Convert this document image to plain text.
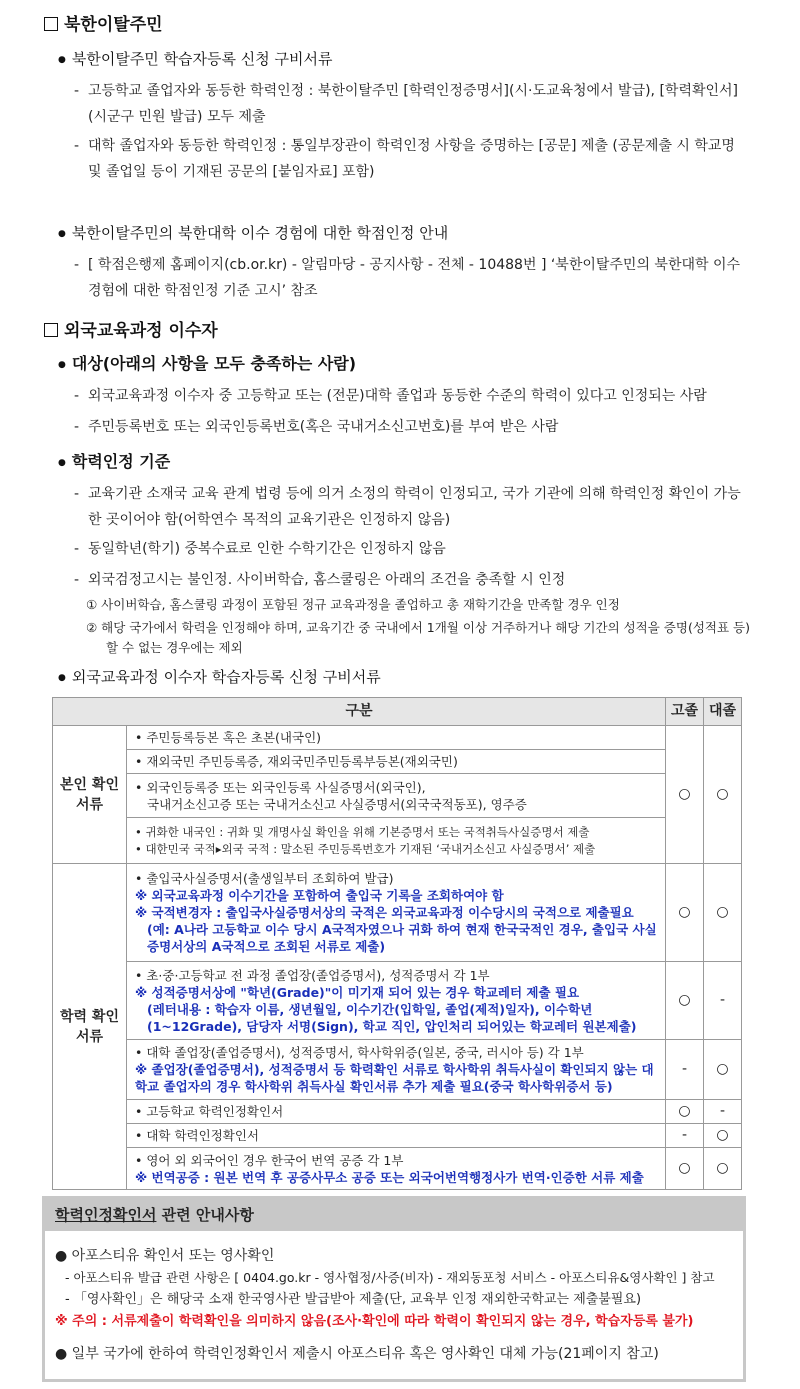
북한이탈주민
● 북한이탈주민 학습자등록 신청 구비서류
- 고등학교 졸업자와 동등한 학력인정 : 북한이탈주민 [학력인정증명서](시·도교육청에서 발급), [학력확인서](시군구 민원 발급) 모두 제출
- 대학 졸업자와 동등한 학력인정 : 통일부장관이 학력인정 사항을 증명하는 [공문] 제출 (공문제출 시 학교명 및 졸업일 등이 기재된 공문의 [붙임자료] 포함)
● 북한이탈주민의 북한대학 이수 경험에 대한 학점인정 안내
- [ 학점은행제 홈페이지(cb.or.kr) - 알림마당 - 공지사항 - 전체 - 10488번 ] ‘북한이탈주민의 북한대학 이수 경험에 대한 학점인정 기준 고시’ 참조
외국교육과정 이수자
● 대상(아래의 사항을 모두 충족하는 사람)
- 외국교육과정 이수자 중 고등학교 또는 (전문)대학 졸업과 동등한 수준의 학력이 있다고 인정되는 사람
- 주민등록번호 또는 외국인등록번호(혹은 국내거소신고번호)를 부여 받은 사람
● 학력인정 기준
- 교육기관 소재국 교육 관계 법령 등에 의거 소정의 학력이 인정되고, 국가 기관에 의해 학력인정 확인이 가능한 곳이어야 함(어학연수 목적의 교육기관은 인정하지 않음)
- 동일학년(학기) 중복수료로 인한 수학기간은 인정하지 않음
- 외국검정고시는 불인정. 사이버학습, 홈스쿨링은 아래의 조건을 충족할 시 인정
① 사이버학습, 홈스쿨링 과정이 포함된 정규 교육과정을 졸업하고 총 재학기간을 만족할 경우 인정
② 해당 국가에서 학력을 인정해야 하며, 교육기간 중 국내에서 1개월 이상 거주하거나 해당 기간의 성적을 증명(성적표 등) 할 수 없는 경우에는 제외
● 외국교육과정 이수자 학습자등록 신청 구비서류
구분		고졸	대졸
본인 확인 서류	• 주민등록등본 혹은 초본(내국인)	○	○
	• 재외국민 주민등록증, 재외국민주민등록부등본(재외국민)		

	• 외국인등록증 또는 외국인등록 사실증명서(외국인),
국내거소신고증 또는 국내거소신고 사실증명서(외국국적동포), 영주증		

	• 귀화한 내국인 : 귀화 및 개명사실 확인을 위해 기본증명서 또는 국적취득사실증명서 제출
• 대한민국 국적▸외국 국적 : 말소된 주민등록번호가 기재된 ‘국내거소신고 사실증명서’ 제출		

학력 확인 서류	• 출입국사실증명서(출생일부터 조회하여 발급)
※ 외국교육과정 이수기간을 포함하여 출입국 기록을 조회하여야 함
※ 국적변경자 : 출입국사실증명서상의 국적은 외국교육과정 이수당시의 국적으로 제출필요
(예: A나라 고등학교 이수 당시 A국적자였으나 귀화 하여 현재 한국국적인 경우, 출입국 사실증명서상의 A국적으로 조회된 서류로 제출)	○	○

	• 초·중·고등학교 전 과정 졸업장(졸업증명서), 성적증명서 각 1부
※ 성적증명서상에 "학년(Grade)"이 미기재 되어 있는 경우 학교레터 제출 필요
(레터내용 : 학습자 이름, 생년월일, 이수기간(입학일, 졸업(제적)일자), 이수학년(1~12Grade), 담당자 서명(Sign), 학교 직인, 압인처리 되어있는 학교레터 원본제출)	○	-

	• 대학 졸업장(졸업증명서), 성적증명서, 학사학위증(일본, 중국, 러시아 등) 각 1부
※ 졸업장(졸업증명서), 성적증명서 등 학력확인 서류로 학사학위 취득사실이 확인되지 않는 대학교 졸업자의 경우 학사학위 취득사실 확인서류 추가 제출 필요(중국 학사학위증서 등)	-	○
	• 고등학교 학력인정확인서	○	-
	• 대학 학력인정확인서	-	○

	• 영어 외 외국어인 경우 한국어 번역 공증 각 1부
※ 번역공증 : 원본 번역 후 공증사무소 공증 또는 외국어번역행정사가 번역·인증한 서류 제출	○	○
학력인정확인서 관련 안내사항
● 아포스티유 확인서 또는 영사확인
- 아포스티유 발급 관련 사항은 [ 0404.go.kr - 영사협정/사증(비자) - 재외동포청 서비스 - 아포스티유&영사확인 ] 참고
- 「영사확인」은 해당국 소재 한국영사관 발급받아 제출(단, 교육부 인정 재외한국학교는 제출불필요)
※ 주의 : 서류제출이 학력확인을 의미하지 않음(조사·확인에 따라 학력이 확인되지 않는 경우, 학습자등록 불가)
● 일부 국가에 한하여 학력인정확인서 제출시 아포스티유 혹은 영사확인 대체 가능(21페이지 참고)
